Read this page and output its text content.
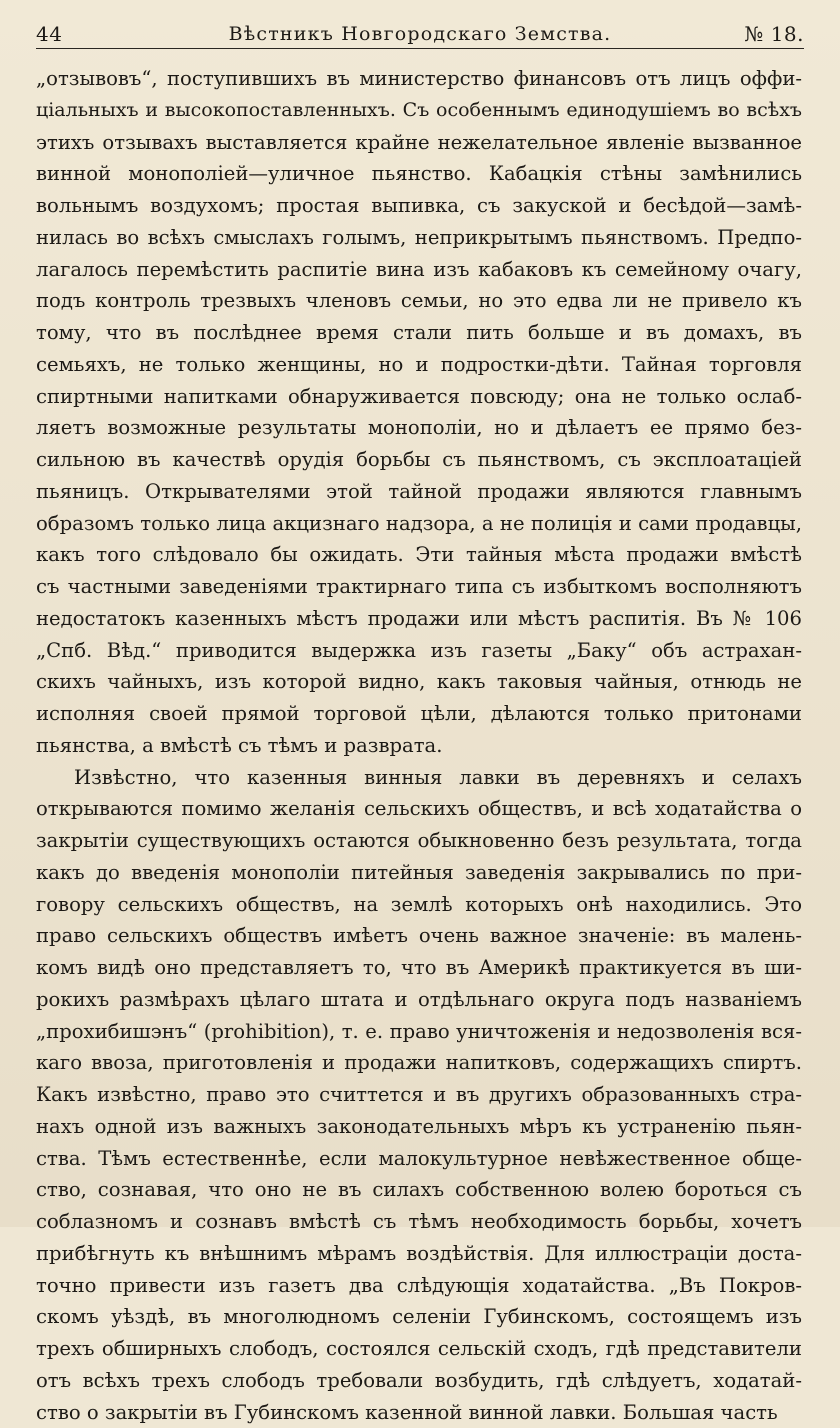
44	Вѣстникъ Новгородскаго Земства.	№ 18.
„отзывовъ“, поступившихъ въ министерство финансовъ отъ лицъ оффи-
ціальныхъ и высокопоставленныхъ. Съ особеннымъ единодушіемъ во всѣхъ
этихъ отзывахъ выставляется крайне нежелательное явленіе вызванное
винной монополіей—уличное пьянство. Кабацкія стѣны замѣнились
вольнымъ воздухомъ; простая выпивка, съ закуской и бесѣдой—замѣ-
нилась во всѣхъ смыслахъ голымъ, неприкрытымъ пьянствомъ. Предпо-
лагалось перемѣстить распитіе вина изъ кабаковъ къ семейному очагу,
подъ контроль трезвыхъ членовъ семьи, но это едва ли не привело къ
тому, что въ послѣднее время стали пить больше и въ домахъ, въ
семьяхъ, не только женщины, но и подростки-дѣти. Тайная торговля
спиртными напитками обнаруживается повсюду; она не только ослаб-
ляетъ возможные результаты монополіи, но и дѣлаетъ ее прямо без-
сильною въ качествѣ орудія борьбы съ пьянствомъ, съ эксплоатаціей
пьяницъ. Открывателями этой тайной продажи являются главнымъ
образомъ только лица акцизнаго надзора, а не полиція и сами продавцы,
какъ того слѣдовало бы ожидать. Эти тайныя мѣста продажи вмѣстѣ
съ частными заведеніями трактирнаго типа съ избыткомъ восполняютъ
недостатокъ казенныхъ мѣстъ продажи или мѣстъ распитія. Въ № 106
„Спб. Вѣд.“ приводится выдержка изъ газеты „Баку“ объ астрахан-
скихъ чайныхъ, изъ которой видно, какъ таковыя чайныя, отнюдь не
исполняя своей прямой торговой цѣли, дѣлаются только притонами
пьянства, а вмѣстѣ съ тѣмъ и разврата.
Извѣстно, что казенныя винныя лавки въ деревняхъ и селахъ
открываются помимо желанія сельскихъ обществъ, и всѣ ходатайства о
закрытіи существующихъ остаются обыкновенно безъ результата, тогда
какъ до введенія монополіи питейныя заведенія закрывались по при-
говору сельскихъ обществъ, на землѣ которыхъ онѣ находились. Это
право сельскихъ обществъ имѣетъ очень важное значеніе: въ малень-
комъ видѣ оно представляетъ то, что въ Америкѣ практикуется въ ши-
рокихъ размѣрахъ цѣлаго штата и отдѣльнаго округа подъ названіемъ
„прохибишэнъ“ (prohibition), т. е. право уничтоженія и недозволенія вся-
каго ввоза, приготовленія и продажи напитковъ, содержащихъ спиртъ.
Какъ извѣстно, право это считтется и въ другихъ образованныхъ стра-
нахъ одной изъ важныхъ законодательныхъ мѣръ къ устраненію пьян-
ства. Тѣмъ естественнѣе, если малокультурное невѣжественное обще-
ство, сознавая, что оно не въ силахъ собственною волею бороться съ
соблазномъ и сознавъ вмѣстѣ съ тѣмъ необходимость борьбы, хочетъ
прибѣгнуть къ внѣшнимъ мѣрамъ воздѣйствія. Для иллюстраціи доста-
точно привести изъ газетъ два слѣдующія ходатайства. „Въ Покров-
скомъ уѣздѣ, въ многолюдномъ селеніи Губинскомъ, состоящемъ изъ
трехъ обширныхъ слободъ, состоялся сельскій сходъ, гдѣ представители
отъ всѣхъ трехъ слободъ требовали возбудить, гдѣ слѣдуетъ, ходатай-
ство о закрытіи въ Губинскомъ казенной винной лавки. Большая часть
